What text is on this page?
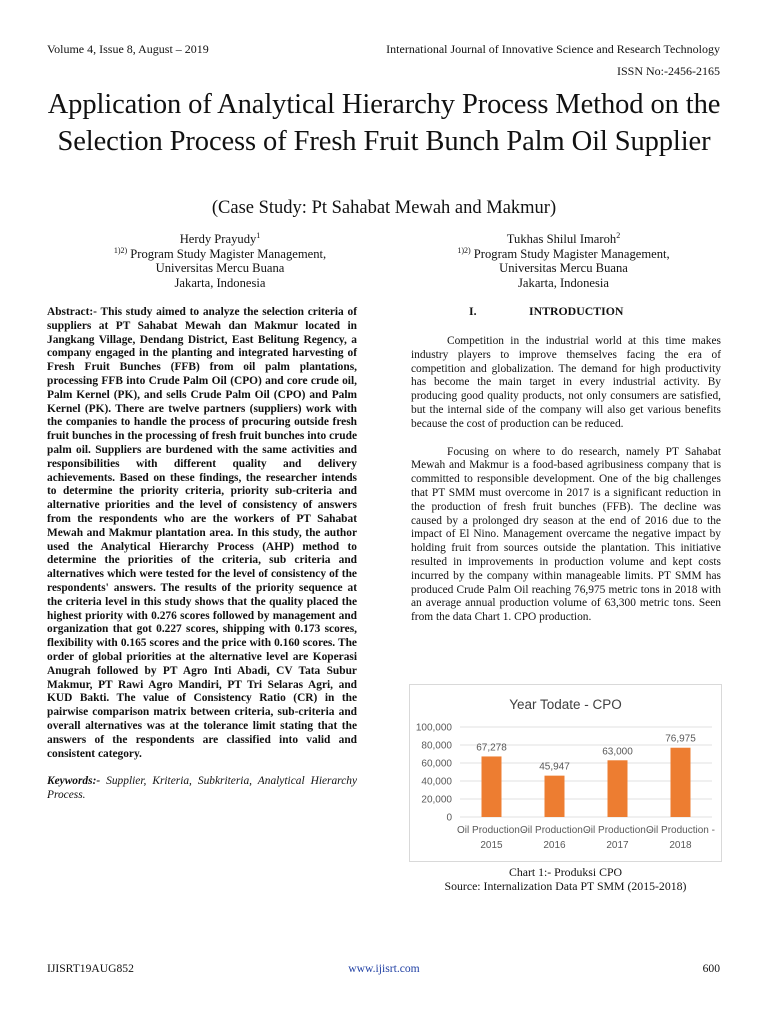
Volume 4, Issue 8, August – 2019	International Journal of Innovative Science and Research Technology
ISSN No:-2456-2165
Application of Analytical Hierarchy Process Method on the Selection Process of Fresh Fruit Bunch Palm Oil Supplier
(Case Study: Pt Sahabat Mewah and Makmur)
Herdy Prayudy$^1$
$^{1)2)}$ Program Study Magister Management,
Universitas Mercu Buana
Jakarta, Indonesia
Tukhas Shilul Imaroh$^2$
$^{1)2)}$ Program Study Magister Management,
Universitas Mercu Buana
Jakarta, Indonesia

Abstract:- This study aimed to analyze the selection criteria of suppliers at PT Sahabat Mewah dan Makmur located in Jangkang Village, Dendang District, East Belitung Regency, a company engaged in the planting and integrated harvesting of Fresh Fruit Bunches (FFB) from oil palm plantations, processing FFB into Crude Palm Oil (CPO) and core crude oil, Palm Kernel (PK), and sells Crude Palm Oil (CPO) and Palm Kernel (PK). There are twelve partners (suppliers) work with the companies to handle the process of procuring outside fresh fruit bunches in the processing of fresh fruit bunches into crude palm oil. Suppliers are burdened with the same activities and responsibilities with different quality and delivery achievements. Based on these findings, the researcher intends to determine the priority criteria, priority sub-criteria and alternative priorities and the level of consistency of answers from the respondents who are the workers of PT Sahabat Mewah and Makmur plantation area. In this study, the author used the Analytical Hierarchy Process (AHP) method to determine the priorities of the criteria, sub criteria and alternatives which were tested for the level of consistency of the respondents' answers. The results of the priority sequence at the criteria level in this study shows that the quality placed the highest priority with 0.276 scores followed by management and organization that got 0.227 scores, shipping with 0.173 scores, flexibility with 0.165 scores and the price with 0.160 scores. The order of global priorities at the alternative level are Koperasi Anugrah followed by PT Agro Inti Abadi, CV Tata Subur Makmur, PT Rawi Agro Mandiri, PT Tri Selaras Agri, and KUD Bakti. The value of Consistency Ratio (CR) in the pairwise comparison matrix between criteria, sub-criteria and overall alternatives was at the tolerance limit stating that the answers of the respondents are classified into valid and consistent category.

Keywords:- Supplier, Kriteria, Subkriteria, Analytical Hierarchy Process.
I.	INTRODUCTION

Competition in the industrial world at this time makes industry players to improve themselves facing the era of competition and globalization. The demand for high productivity has become the main target in every industrial activity. By producing good quality products, not only consumers are satisfied, but the internal side of the company will also get various benefits because the cost of production can be reduced.

Focusing on where to do research, namely PT Sahabat Mewah and Makmur is a food-based agribusiness company that is committed to responsible development. One of the big challenges that PT SMM must overcome in 2017 is a significant reduction in the production of fresh fruit bunches (FFB). The decline was caused by a prolonged dry season at the end of 2016 due to the impact of El Nino. Management overcame the negative impact by holding fruit from sources outside the plantation. This initiative resulted in improvements in production volume and kept costs incurred by the company within manageable limits. PT SMM has produced Crude Palm Oil reaching 76,975 metric tons in 2018 with an average annual production volume of 63,300 metric tons. Seen from the data Chart 1. CPO production.

Year Todate - CPO
0
20,000
40,000
60,000
80,000
100,000
67,278
Oil Production -
2015
45,947
Oil Production -
2016
63,000
Oil Production -
2017
76,975
Oil Production -
2018
Chart 1:- Produksi CPO
Source: Internalization Data PT SMM (2015-2018)
IJISRT19AUG852	www.ijisrt.com	600
